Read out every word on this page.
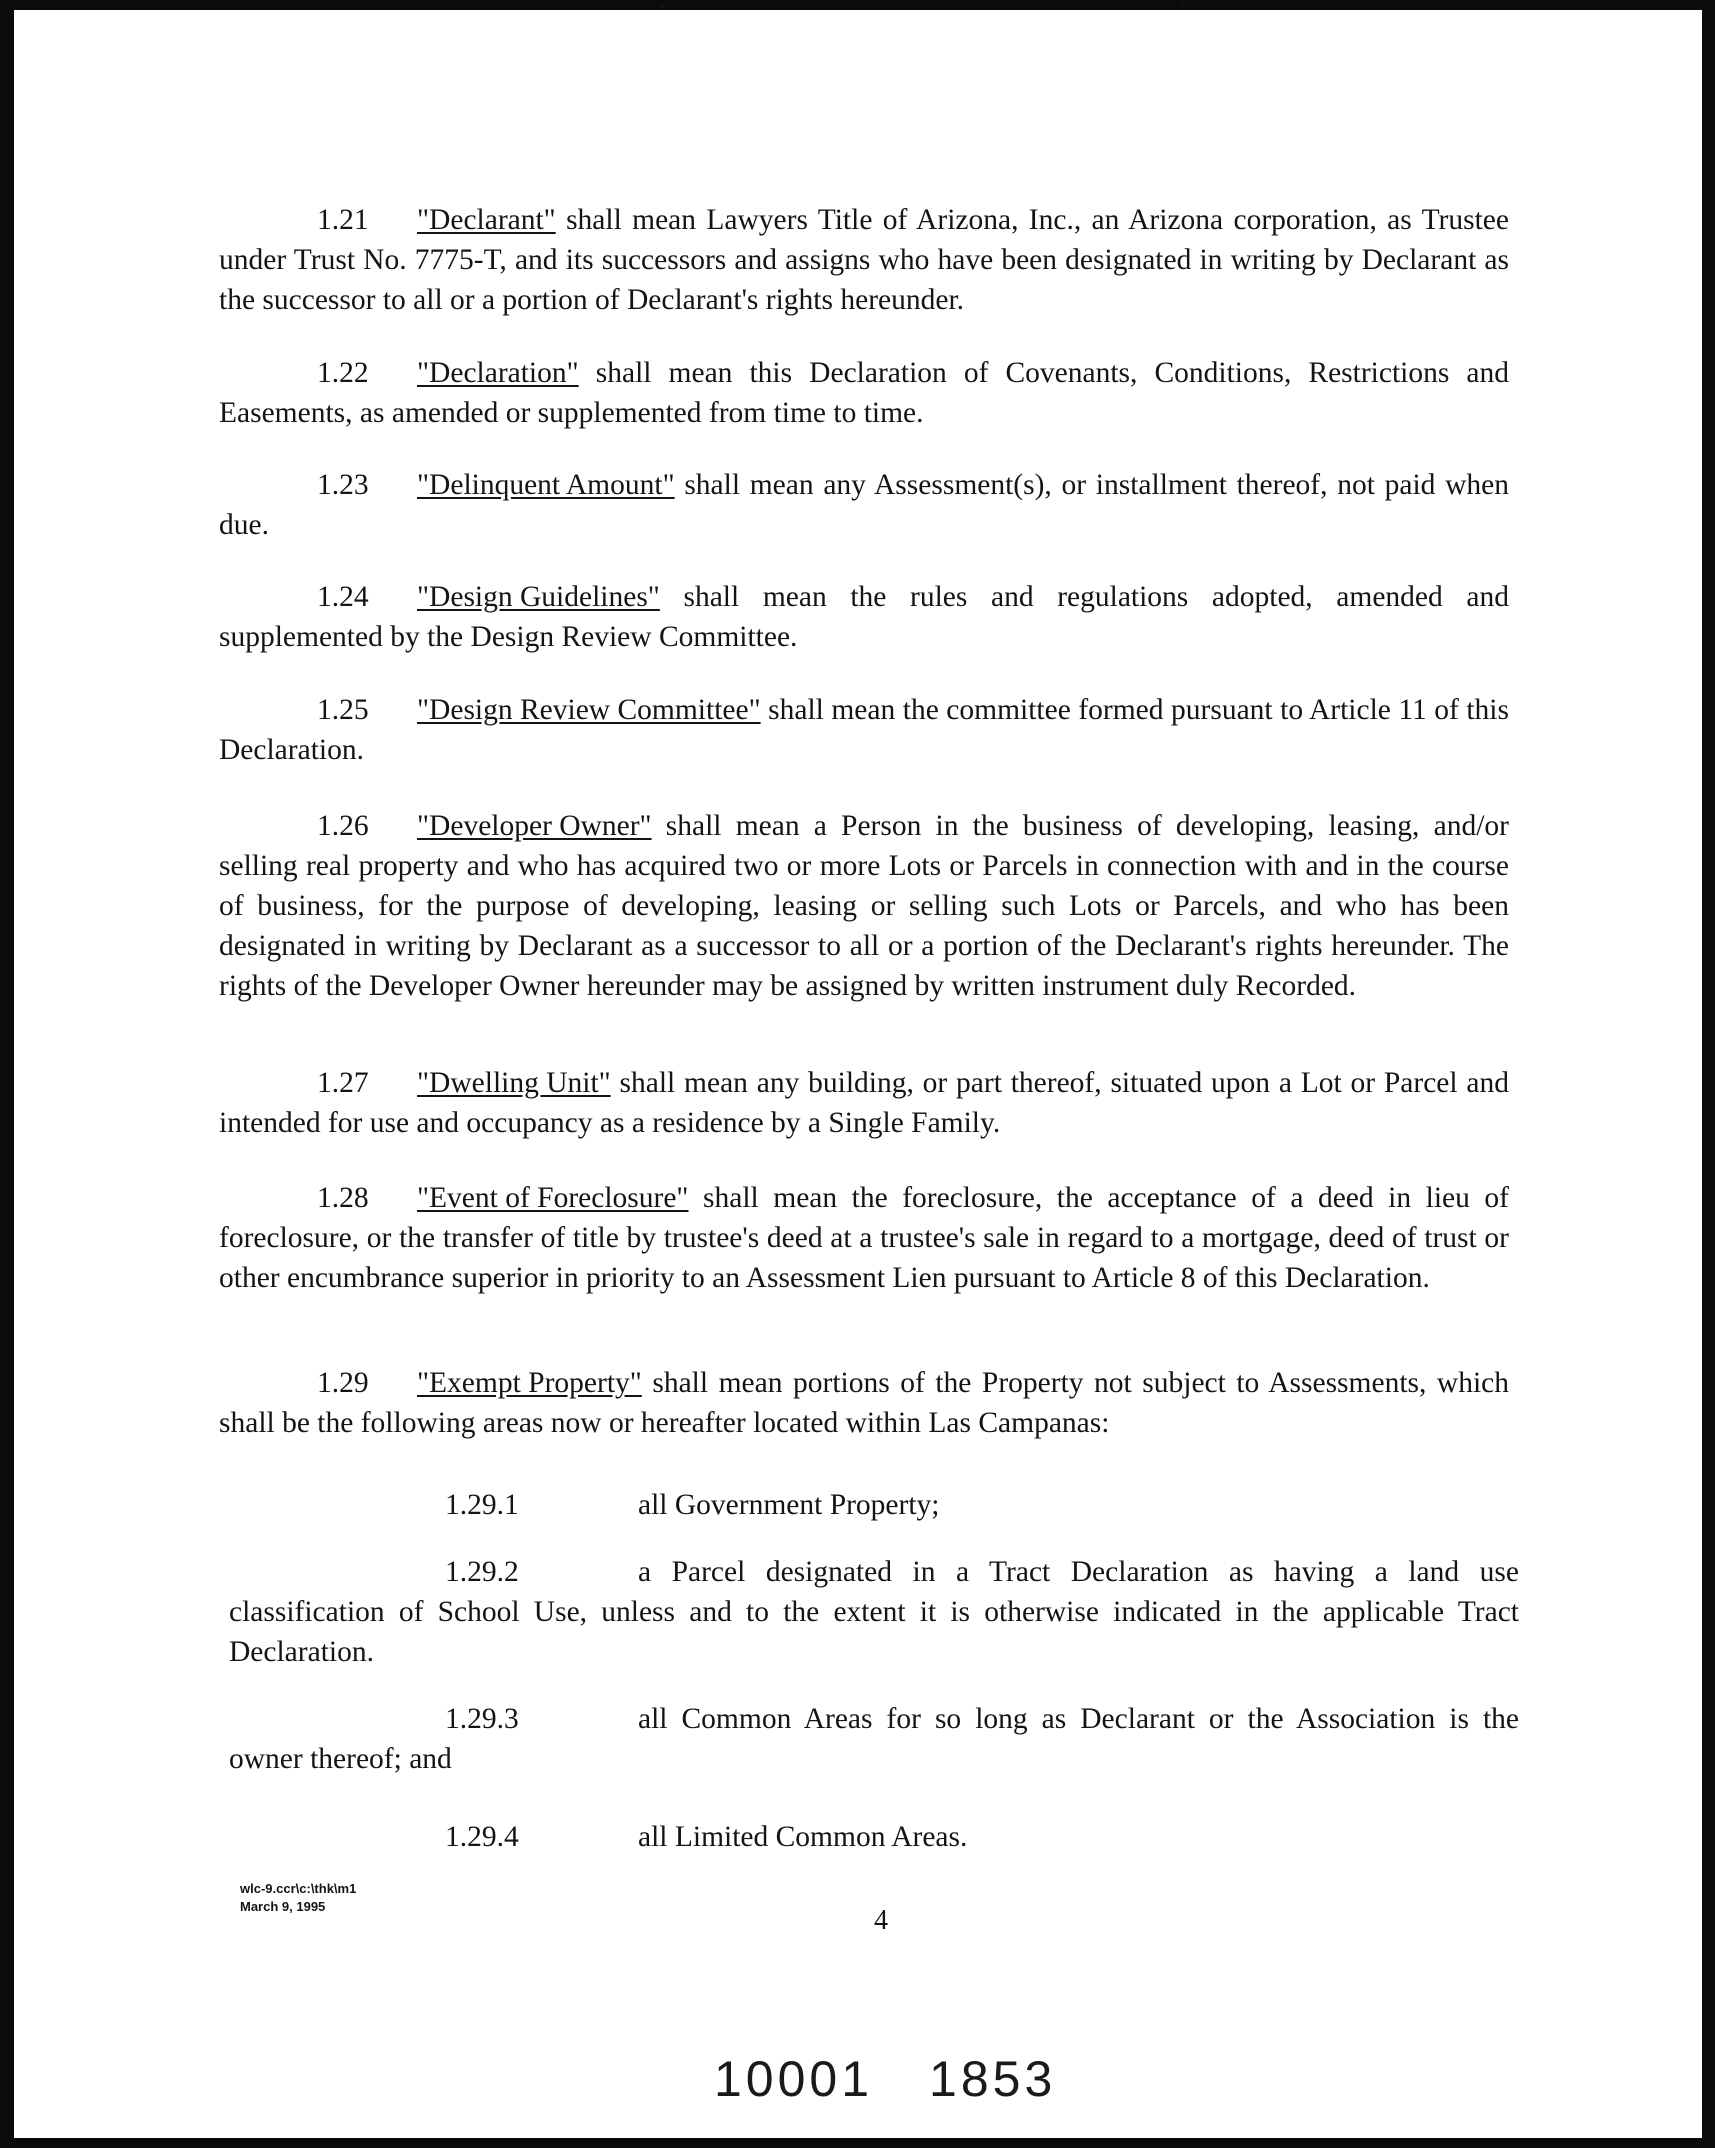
1.21 "Declarant" shall mean Lawyers Title of Arizona, Inc., an Arizona corporation, as Trustee under Trust No. 7775-T, and its successors and assigns who have been designated in writing by Declarant as the successor to all or a portion of Declarant's rights hereunder.

1.22 "Declaration" shall mean this Declaration of Covenants, Conditions, Restrictions and Easements, as amended or supplemented from time to time.

1.23 "Delinquent Amount" shall mean any Assessment(s), or installment thereof, not paid when due.

1.24 "Design Guidelines" shall mean the rules and regulations adopted, amended and supplemented by the Design Review Committee.

1.25 "Design Review Committee" shall mean the committee formed pursuant to Article 11 of this Declaration.

1.26 "Developer Owner" shall mean a Person in the business of developing, leasing, and/or selling real property and who has acquired two or more Lots or Parcels in connection with and in the course of business, for the purpose of developing, leasing or selling such Lots or Parcels, and who has been designated in writing by Declarant as a successor to all or a portion of the Declarant's rights hereunder. The rights of the Developer Owner hereunder may be assigned by written instrument duly Recorded.

1.27 "Dwelling Unit" shall mean any building, or part thereof, situated upon a Lot or Parcel and intended for use and occupancy as a residence by a Single Family.

1.28 "Event of Foreclosure" shall mean the foreclosure, the acceptance of a deed in lieu of foreclosure, or the transfer of title by trustee's deed at a trustee's sale in regard to a mortgage, deed of trust or other encumbrance superior in priority to an Assessment Lien pursuant to Article 8 of this Declaration.

1.29 "Exempt Property" shall mean portions of the Property not subject to Assessments, which shall be the following areas now or hereafter located within Las Campanas:

1.29.1	all Government Property;

1.29.2	a Parcel designated in a Tract Declaration as having a land use classification of School Use, unless and to the extent it is otherwise indicated in the applicable Tract Declaration.

1.29.3	all Common Areas for so long as Declarant or the Association is the owner thereof; and

1.29.4	all Limited Common Areas.

wlc-9.ccr\c:\thk\m1
March 9, 1995	4
10001 1853
